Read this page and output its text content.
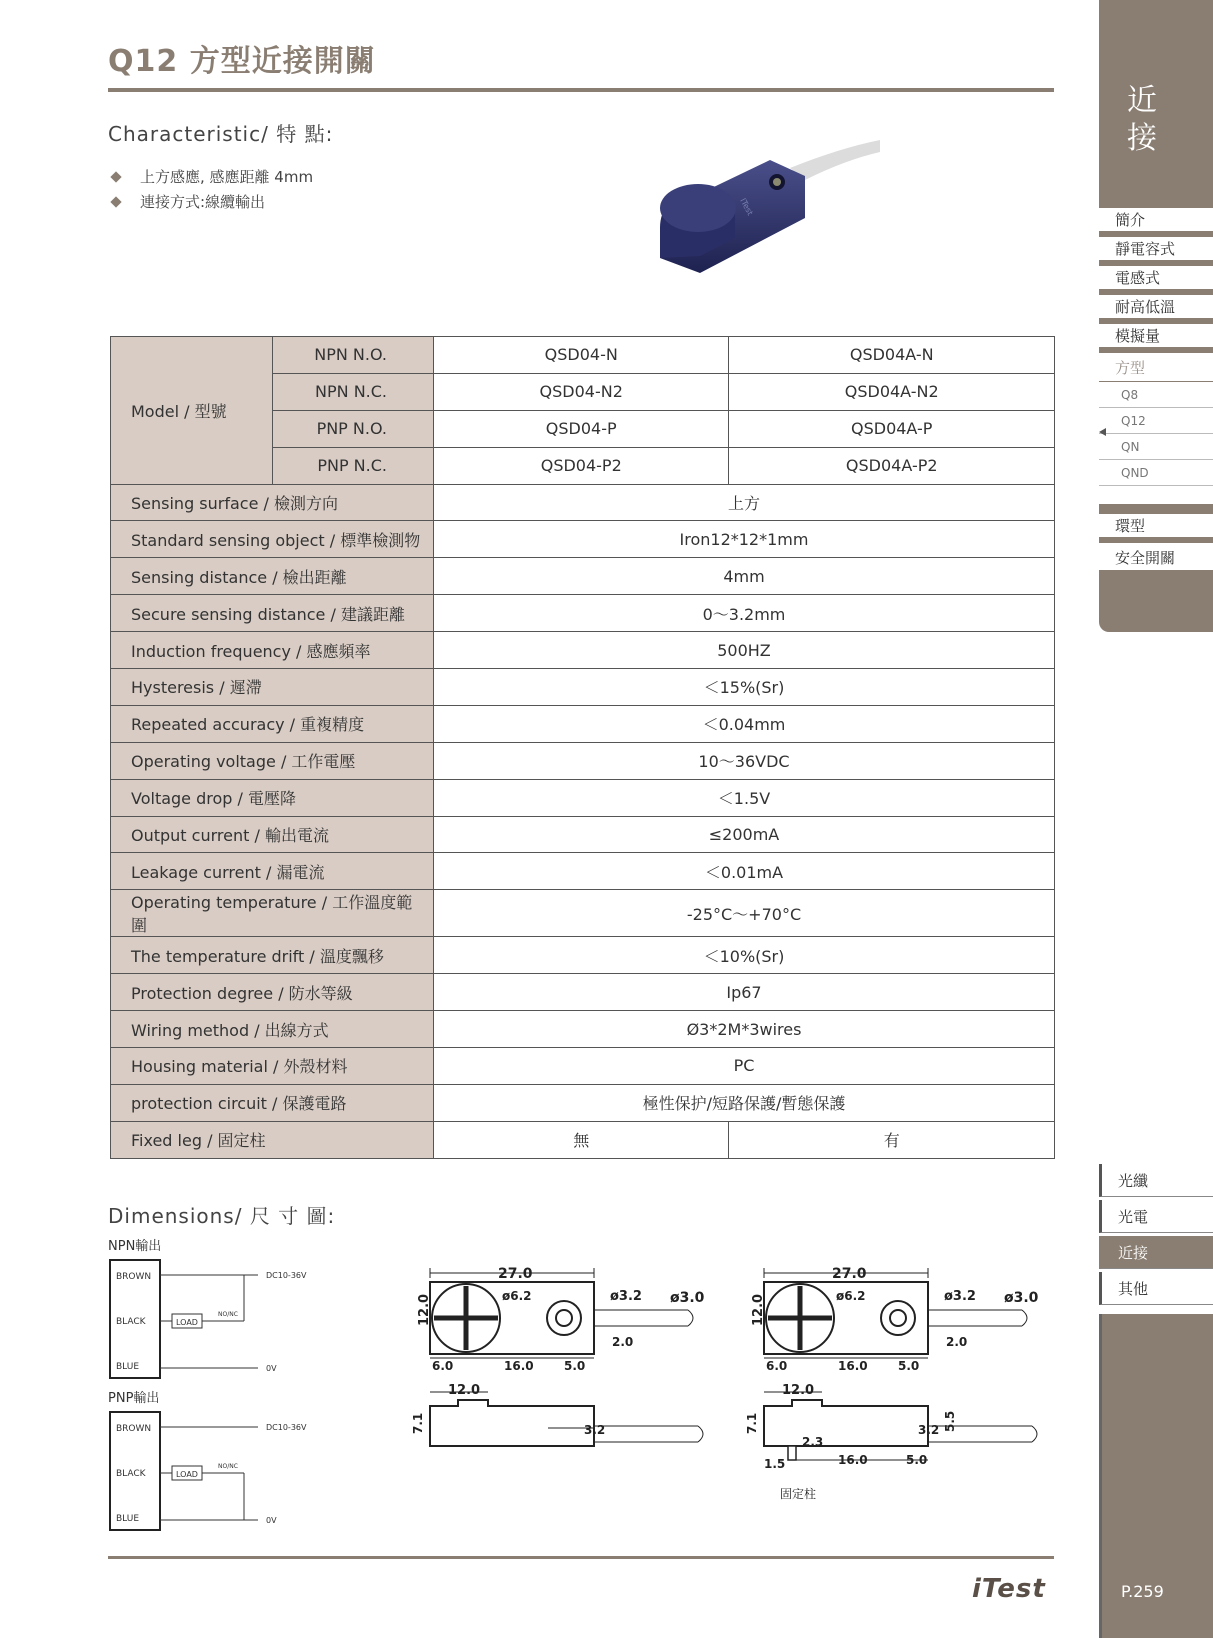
Q12 方型近接開關
Characteristic/ 特 點:
上方感應, 感應距離 4mm
連接方式:線纜輸出	ITest
Model / 型號	NPN N.O.	QSD04-N	QSD04A-N
	NPN N.C.	QSD04-N2	QSD04A-N2
	PNP N.O.	QSD04-P	QSD04A-P
	PNP N.C.	QSD04-P2	QSD04A-P2
Sensing surface / 檢測方向		上方	
Standard sensing object / 標準檢測物		Iron12*12*1mm	
Sensing distance / 檢出距離		4mm	
Secure sensing distance / 建議距離		0～3.2mm	
Induction frequency / 感應頻率		500HZ	
Hysteresis / 遲滯		＜15%(Sr)	
Repeated accuracy / 重複精度		＜0.04mm	
Operating voltage / 工作電壓		10～36VDC	
Voltage drop / 電壓降		＜1.5V	
Output current / 輸出電流		≤200mA	
Leakage current / 漏電流		＜0.01mA	
Operating temperature / 工作溫度範圍		-25°C～+70°C	
The temperature drift / 溫度飄移		＜10%(Sr)	
Protection degree / 防水等級		Ip67	
Wiring method / 出線方式		Ø3*2M*3wires	
Housing material / 外殼材料		PC	
protection circuit / 保護電路		極性保护/短路保護/暫態保護	
Fixed leg / 固定柱		無	有
Dimensions/ 尺 寸 圖:
NPN輸出
BROWN
BLACK
BLUE
DC10-36V
LOAD
NO/NC
0V
PNP輸出
BROWN
BLACK
BLUE
DC10-36V
LOAD
NO/NC
0V
27.0
ø6.2	ø3.2 ø3.0
2.0
12.0
6.0	16.0	5.0
12.0
7.1	3.2
27.0
ø6.2	ø3.2 ø3.0
2.0
12.0
6.0	16.0	5.0
12.0
7.1	3.2 5.5
2.3
1.5	16.0	5.0
固定柱
近
接
簡介
靜電容式
電感式
耐高低溫
模擬量
方型
Q8
Q12
QN
QND
環型
安全開關
光纖
光電
近接
其他
P.259
iTest
